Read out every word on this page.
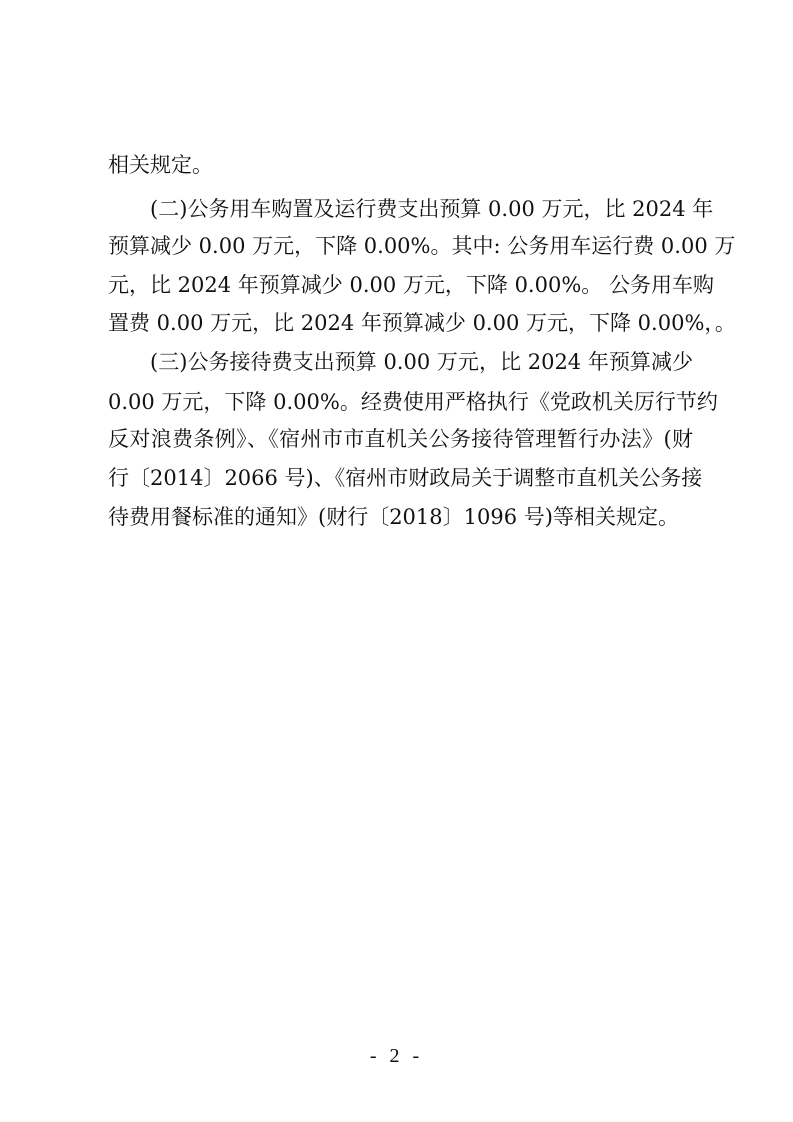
相关规定。
(二)公务用车购置及运行费支出预算 0.00 万元，比 2024 年
预算减少 0.00 万元，下降 0.00%。其中: 公务用车运行费 0.00 万
元，比 2024 年预算减少 0.00 万元，下降 0.00%。 公务用车购
置费 0.00 万元，比 2024 年预算减少 0.00 万元，下降 0.00%，。
(三)公务接待费支出预算 0.00 万元，比 2024 年预算减少
0.00 万元，下降 0.00%。经费使用严格执行《党政机关厉行节约
反对浪费条例》、《宿州市市直机关公务接待管理暂行办法》(财
行〔2014〕2066 号)、《宿州市财政局关于调整市直机关公务接
待费用餐标准的通知》(财行〔2018〕1096 号)等相关规定。
- 2 -
